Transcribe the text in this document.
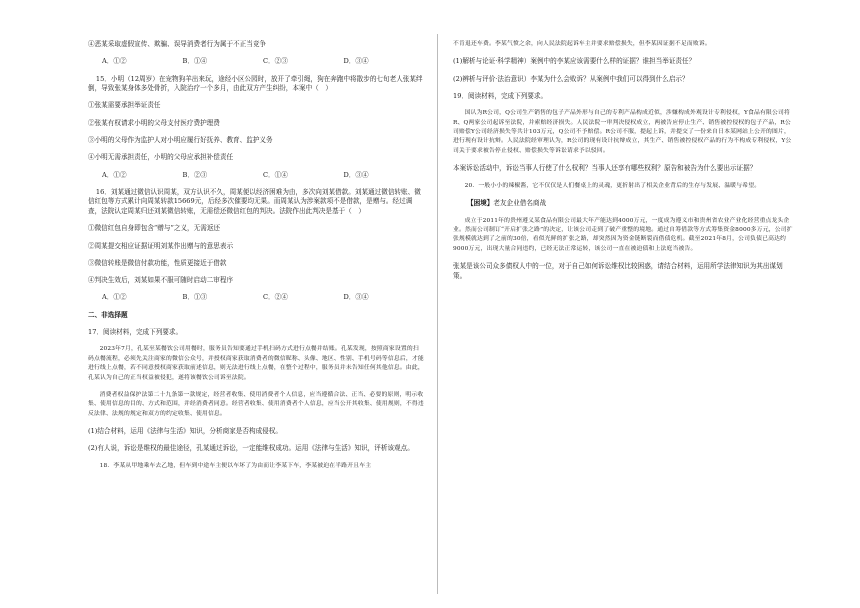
④恶某采取虚假宣传、欺骗、误导消费者行为属于不正当竞争

A．①②	B．①④	C．②③	D．③④

15．小明（12周岁）在宠物狗羊出来玩，途经小区公园时，放开了牵引绳，狗在奔跑中将散步的七旬老人张某绊倒，导致张某身体多处骨折，入院治疗一个多月，由此双方产生纠纷，本案中（　）

①张某需要承担举证责任

②张某有权请求小明的父母支付医疗费护理费

③小明的父母作为监护人对小明应履行好抚养、教育、监护义务

④小明无需承担责任，小明的父母应承担补偿责任

A．①②	B．②③	C．①④	D．③④

16．刘某通过微信认识周某，双方认识不久，周某便以经济困难为由，多次向刘某借款。刘某通过微信转账、微信红包等方式累计向周某转款15669元，后经多次催要均无果。而周某认为涉案款项不是借款，是赠与。经过调查，法院认定周某归还刘某微信转账，无需偿还微信红包的判决。法院作出此判决是基于（　）

①微信红包自身即包含“赠与”之义，无需返还

②周某提交相应证据证明刘某作出赠与的意思表示

③微信转账是微信付款功能，性质更接近于借款

④判决生效后，刘某如果不服可随时启动二审程序

A．①②	B．①③	C．②④	D．③④

二、非选择题

17．阅读材料，完成下列要求。

2023年7月，孔某至某餐饮公司用餐时，服务员告知要通过手机扫码方式进行点餐并结账。孔某发现，按照商家设置的扫码点餐流程，必须先关注商家的微信公众号，并授权商家获取消费者的微信昵称、头像、地区、性别、手机号码等信息后，才能进行线上点餐，若不同意授权商家获取前述信息，则无法进行线上点餐，在整个过程中，服务员并未告知任何其他信息。由此，孔某认为自己的正当权益被侵犯，遂将该餐饮公司诉至法院。

消费者权益保护法第二十九条第一款规定，经营者收集、使用消费者个人信息，应当遵循合法、正当、必要的原则，明示收集、使用信息的目的、方式和范围，并经消费者同意。经营者收集、使用消费者个人信息，应当公开其收集、使用规则，不得违反法律、法规的规定和双方的约定收集、使用信息。

(1)结合材料，运用《法律与生活》知识，分析商家是否构成侵权。

(2)有人说，诉讼是维权的最佳途径，孔某通过诉讼，一定能维权成功。运用《法律与生活》知识，评析该观点。

18．李某从甲地乘车去乙地，但车到中途车主便以车坏了为由而让李某下车，李某被迫在半路开且车主

不肯退还车费。李某气愤之余，向人民法院起诉车主并要求赔偿损失，但李某因证据不足而败诉。

(1)解析与论证·科学精神）案例中的李某应该需要什么样的证据？谁担当举证责任？

(2)辨析与评价·法治意识）李某为什么会败诉？从案例中我们可以得到什么启示？

19．阅读材料，完成下列要求。

国认为R公司，Q公司生产销售的包子产品外形与自己的专利产品构成近似，涉嫌构成外观设计专利侵权，Y食品有限公司将R、Q两家公司起诉至法院，并索赔经济损失。人民法院一审判决侵权成立，两被告应停止生产、销售被控侵权的包子产品，R公司赔偿Y公司经济损失等共计103万元，Q公司不予赔偿。R公司不服，提起上诉，并提交了一份来自日本某网站上公开的图片，进行现有设计抗辩。人民法院经审理认为，R公司的现有设计抗辩成立，其生产、销售被控侵权产品的行为不构成专利侵权，Y公司关于要求被告停止侵权、赔偿损失等诉讼请求予以驳回。

本案诉讼活动中，诉讼当事人行使了什么权利？当事人还享有哪些权利？原告和被告为什么要出示证据？

20．一般小小的辣椒酱，它不仅仅是人们餐桌上的灵魂，更折射出了相关企业背后的生存与发展、温暖与希望。

【困境】老友企业借名商战

成立于2011年的贵州遵义某食品有限公司最大年产能达到4000万元，一度成为遵义市和贵州省农业产业化经营重点龙头企业。然而公司制订“开启扩张之路”的决定，让该公司走到了破产重整的境地。通过自筹借款等方式筹集资金8000多万元，公司扩张规模就达到了之前的30倍，看似光鲜的扩张之路，却突然因为资金链断裂而借债危机。截至2021年8月，公司负债已高达约9000万元，出现大量合同违约，已经无法正常运转，该公司一直在被迫债和上法庭当被告。

张某是该公司众多债权人中的一位，对于自己如何诉讼维权比较困惑，请结合材料，运用所学法律知识为其出谋划策。
